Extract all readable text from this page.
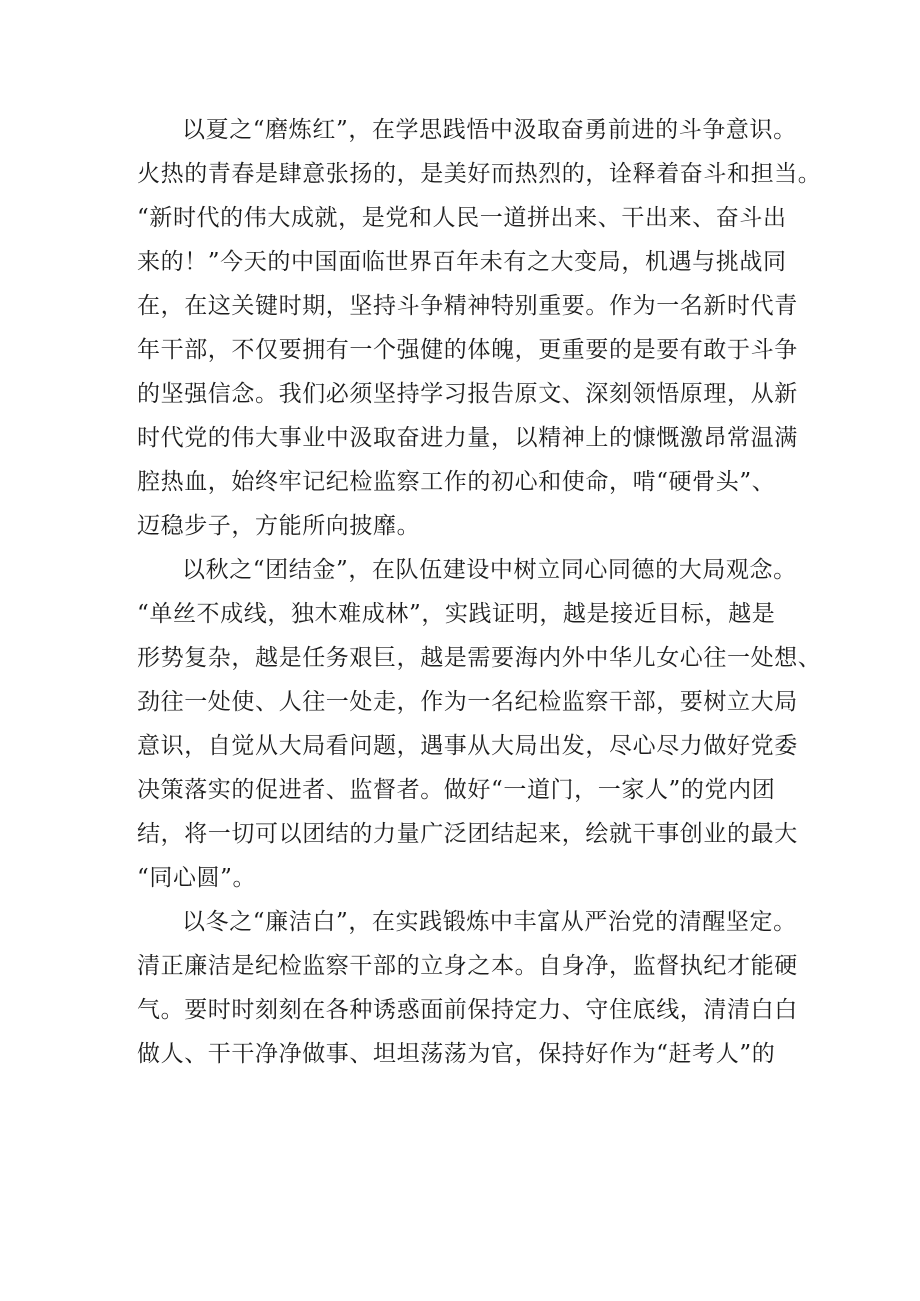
以夏之“磨炼红”，在学思践悟中汲取奋勇前进的斗争意识。

火热的青春是肆意张扬的，是美好而热烈的，诠释着奋斗和担当。

“新时代的伟大成就，是党和人民一道拼出来、干出来、奋斗出

来的！”今天的中国面临世界百年未有之大变局，机遇与挑战同

在，在这关键时期，坚持斗争精神特别重要。作为一名新时代青

年干部，不仅要拥有一个强健的体魄，更重要的是要有敢于斗争

的坚强信念。我们必须坚持学习报告原文、深刻领悟原理，从新

时代党的伟大事业中汲取奋进力量，以精神上的慷慨激昂常温满

腔热血，始终牢记纪检监察工作的初心和使命，啃“硬骨头”、

迈稳步子，方能所向披靡。

以秋之“团结金”，在队伍建设中树立同心同德的大局观念。

“单丝不成线，独木难成林”，实践证明，越是接近目标，越是

形势复杂，越是任务艰巨，越是需要海内外中华儿女心往一处想、

劲往一处使、人往一处走，作为一名纪检监察干部，要树立大局

意识，自觉从大局看问题，遇事从大局出发，尽心尽力做好党委

决策落实的促进者、监督者。做好“一道门，一家人”的党内团

结，将一切可以团结的力量广泛团结起来，绘就干事创业的最大

“同心圆”。

以冬之“廉洁白”，在实践锻炼中丰富从严治党的清醒坚定。

清正廉洁是纪检监察干部的立身之本。自身净，监督执纪才能硬

气。要时时刻刻在各种诱惑面前保持定力、守住底线，清清白白

做人、干干净净做事、坦坦荡荡为官，保持好作为“赶考人”的
